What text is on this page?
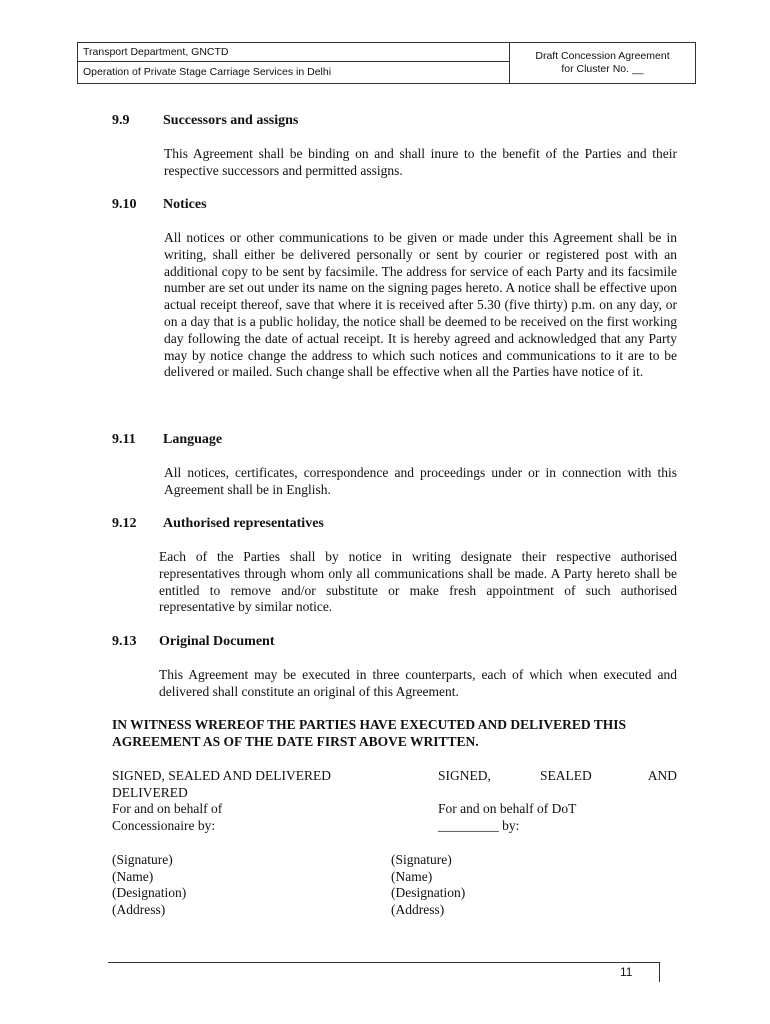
Transport Department, GNCTD
Operation of Private Stage Carriage Services in Delhi
Draft Concession Agreement
for Cluster No. __
9.9 Successors and assigns
This Agreement shall be binding on and shall inure to the benefit of the Parties and their respective successors and permitted assigns.
9.10 Notices
All notices or other communications to be given or made under this Agreement shall be in writing, shall either be delivered personally or sent by courier or registered post with an additional copy to be sent by facsimile. The address for service of each Party and its facsimile number are set out under its name on the signing pages hereto. A notice shall be effective upon actual receipt thereof, save that where it is received after 5.30 (five thirty) p.m. on any day, or on a day that is a public holiday, the notice shall be deemed to be received on the first working day following the date of actual receipt. It is hereby agreed and acknowledged that any Party may by notice change the address to which such notices and communications to it are to be delivered or mailed. Such change shall be effective when all the Parties have notice of it.
9.11 Language
All notices, certificates, correspondence and proceedings under or in connection with this Agreement shall be in English.
9.12 Authorised representatives
Each of the Parties shall by notice in writing designate their respective authorised representatives through whom only all communications shall be made. A Party hereto shall be entitled to remove and/or substitute or make fresh appointment of such authorised representative by similar notice.
9.13 Original Document
This Agreement may be executed in three counterparts, each of which when executed and delivered shall constitute an original of this Agreement.
IN WITNESS WREREOF THE PARTIES HAVE EXECUTED AND DELIVERED THIS AGREEMENT AS OF THE DATE FIRST ABOVE WRITTEN.
SIGNED, SEALED AND DELIVERED
DELIVERED
For and on behalf of
Concessionaire by:
SIGNED,	SEALED	AND
For and on behalf of DoT
_________ by:
(Signature)
(Name)
(Designation)
(Address)
(Signature)
(Name)
(Designation)
(Address)
11
